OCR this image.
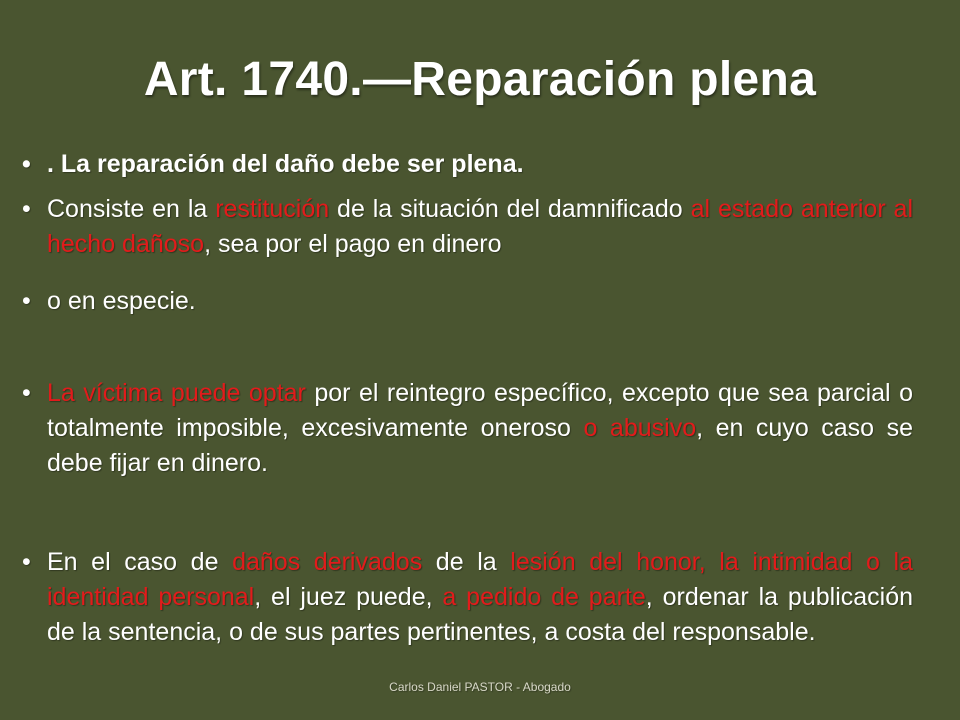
Art. 1740.—Reparación plena
• . La reparación del daño debe ser plena.
• Consiste en la restitución de la situación del damnificado al estado anterior al hecho dañoso, sea por el pago en dinero
• o en especie.
• La víctima puede optar por el reintegro específico, excepto que sea parcial o totalmente imposible, excesivamente oneroso o abusivo, en cuyo caso se debe fijar en dinero.
• En el caso de daños derivados de la lesión del honor, la intimidad o la identidad personal, el juez puede, a pedido de parte, ordenar la publicación de la sentencia, o de sus partes pertinentes, a costa del responsable.
Carlos Daniel PASTOR - Abogado
